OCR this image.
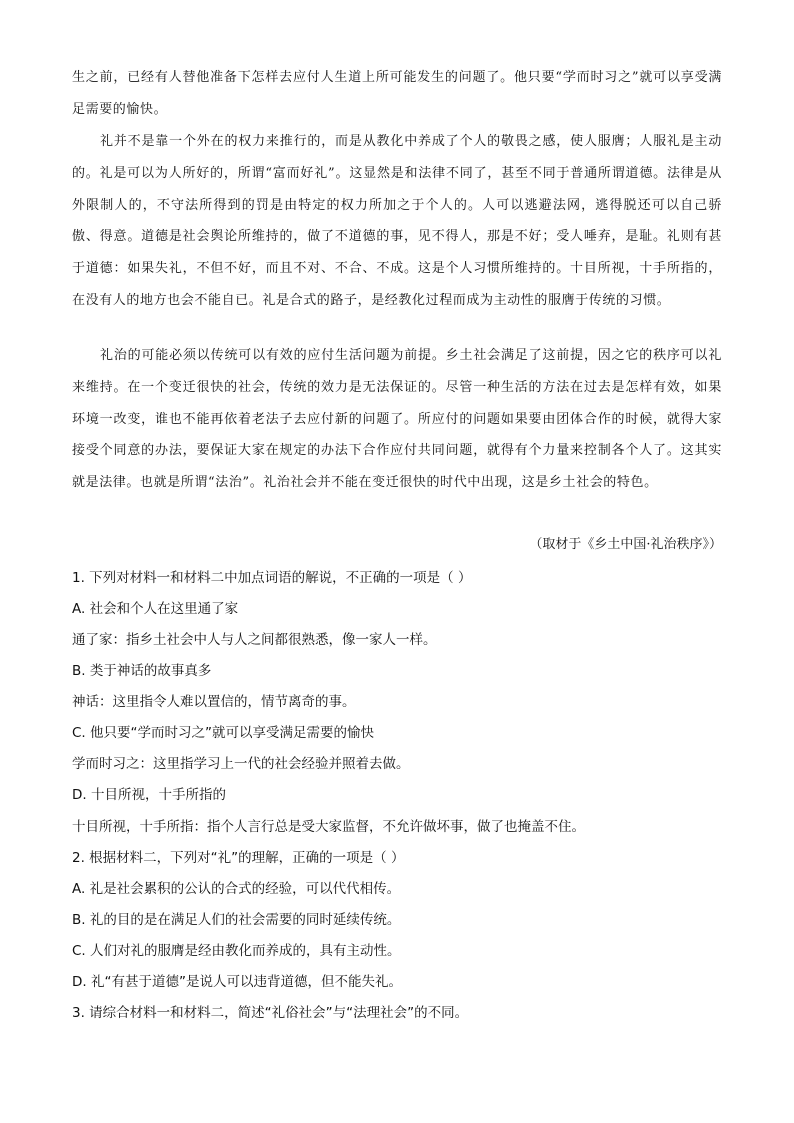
生之前，已经有人替他准备下怎样去应付人生道上所可能发生的问题了。他只要“学而时习之”就可以享受满足需要的愉快。

礼并不是靠一个外在的权力来推行的，而是从教化中养成了个人的敬畏之感，使人服膺；人服礼是主动的。礼是可以为人所好的，所谓“富而好礼”。这显然是和法律不同了，甚至不同于普通所谓道德。法律是从外限制人的，不守法所得到的罚是由特定的权力所加之于个人的。人可以逃避法网，逃得脱还可以自己骄傲、得意。道德是社会舆论所维持的，做了不道德的事，见不得人，那是不好；受人唾弃，是耻。礼则有甚于道德：如果失礼，不但不好，而且不对、不合、不成。这是个人习惯所维持的。十目所视，十手所指的，在没有人的地方也会不能自已。礼是合式的路子，是经教化过程而成为主动性的服膺于传统的习惯。

礼治的可能必须以传统可以有效的应付生活问题为前提。乡土社会满足了这前提，因之它的秩序可以礼来维持。在一个变迁很快的社会，传统的效力是无法保证的。尽管一种生活的方法在过去是怎样有效，如果环境一改变，谁也不能再依着老法子去应付新的问题了。所应付的问题如果要由团体合作的时候，就得大家接受个同意的办法，要保证大家在规定的办法下合作应付共同问题，就得有个力量来控制各个人了。这其实就是法律。也就是所谓“法治”。礼治社会并不能在变迁很快的时代中出现，这是乡土社会的特色。

（取材于《乡土中国·礼治秩序》）

1. 下列对材料一和材料二中加点词语的解说，不正确的一项是（ ）

A. 社会和个人在这里通了家

通了家：指乡土社会中人与人之间都很熟悉，像一家人一样。

B. 类于神话的故事真多

神话：这里指令人难以置信的，情节离奇的事。

C. 他只要“学而时习之”就可以享受满足需要的愉快

学而时习之：这里指学习上一代的社会经验并照着去做。

D. 十目所视，十手所指的

十目所视，十手所指：指个人言行总是受大家监督，不允许做坏事，做了也掩盖不住。

2. 根据材料二，下列对“礼”的理解，正确的一项是（ ）

A. 礼是社会累积的公认的合式的经验，可以代代相传。

B. 礼的目的是在满足人们的社会需要的同时延续传统。

C. 人们对礼的服膺是经由教化而养成的，具有主动性。

D. 礼“有甚于道德”是说人可以违背道德，但不能失礼。

3. 请综合材料一和材料二，简述“礼俗社会”与“法理社会”的不同。
